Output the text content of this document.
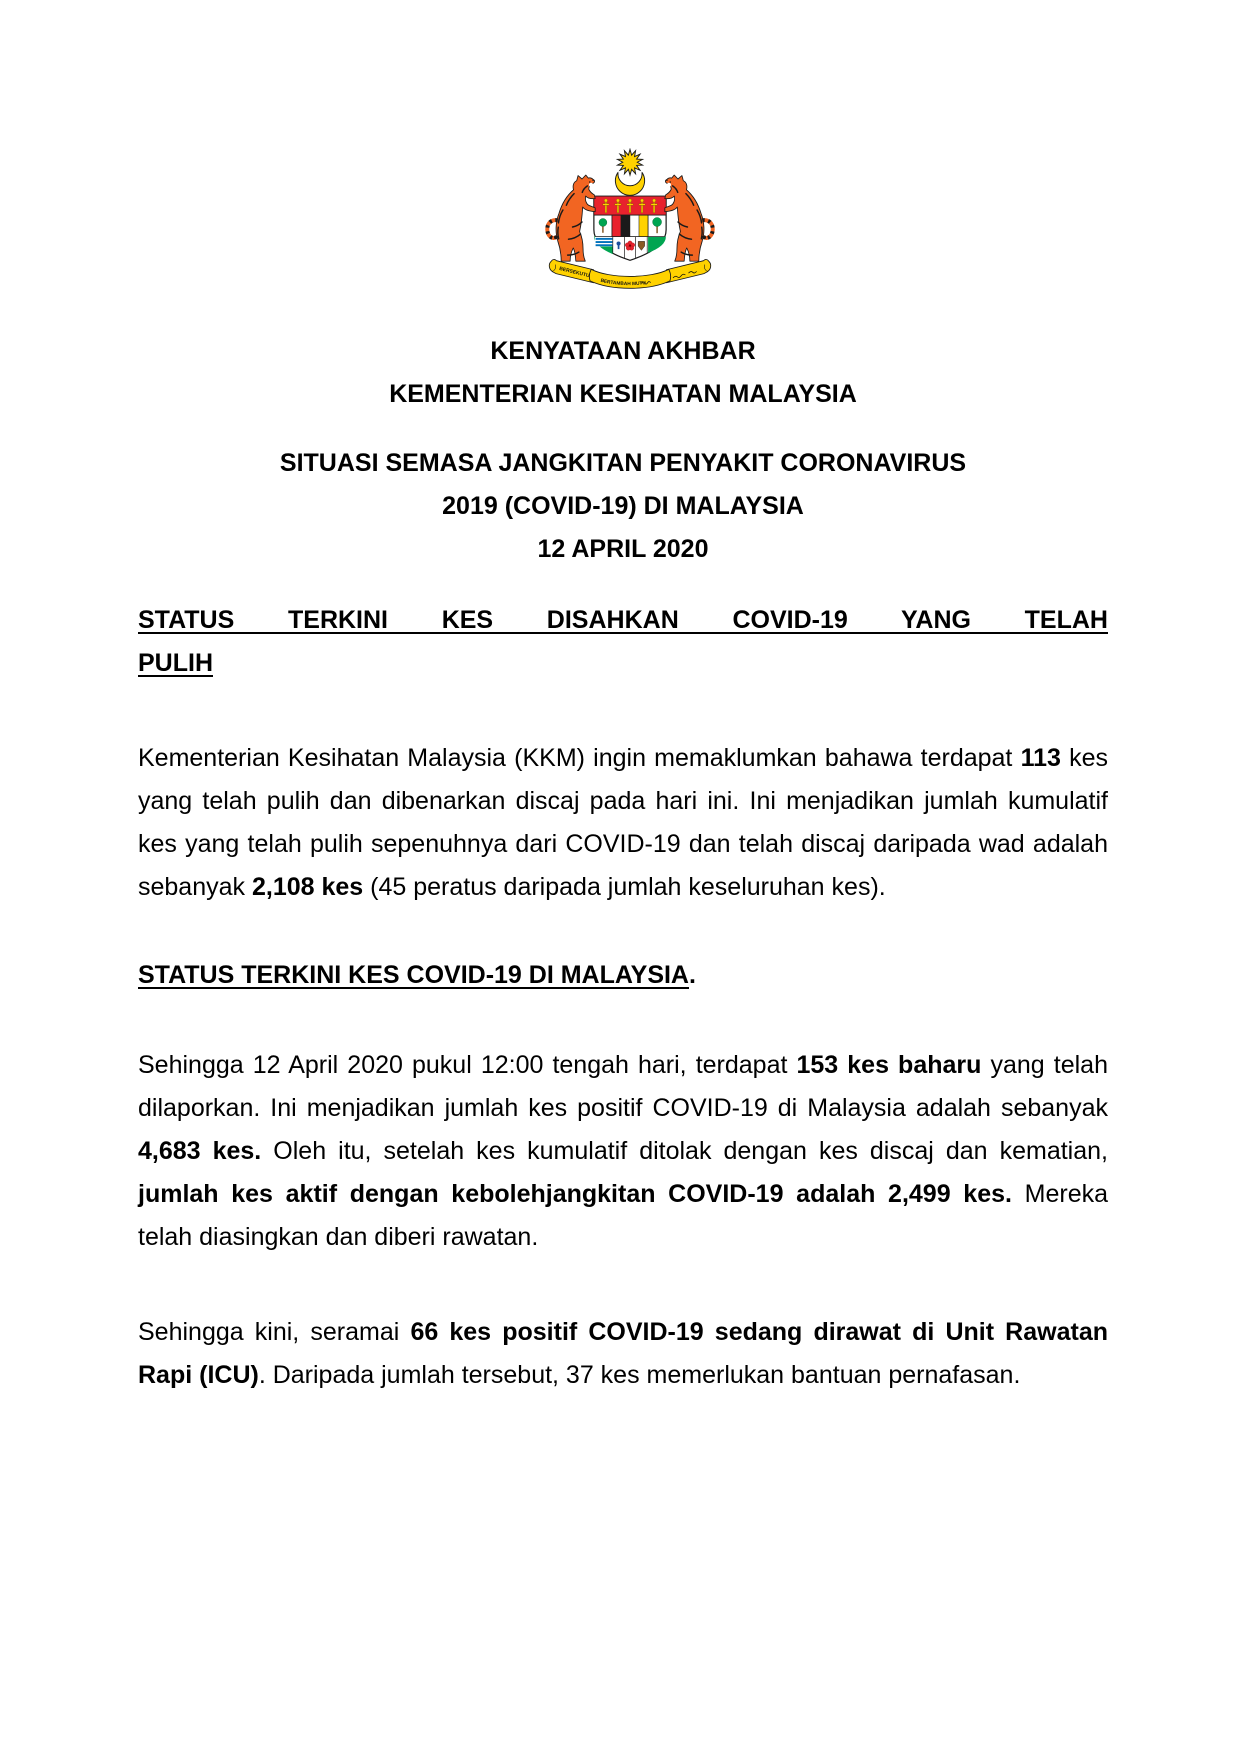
BERSEKUTU
BERTAMBAH MUTU
KENYATAAN AKHBAR
KEMENTERIAN KESIHATAN MALAYSIA
SITUASI SEMASA JANGKITAN PENYAKIT CORONAVIRUS
2019 (COVID-19) DI MALAYSIA
12 APRIL 2020
STATUS TERKINI KES DISAHKAN COVID-19 YANG TELAH
PULIH

Kementerian Kesihatan Malaysia (KKM) ingin memaklumkan bahawa terdapat 113 kes yang telah pulih dan dibenarkan discaj pada hari ini. Ini menjadikan jumlah kumulatif kes yang telah pulih sepenuhnya dari COVID-19 dan telah discaj daripada wad adalah sebanyak 2,108 kes (45 peratus daripada jumlah keseluruhan kes).

STATUS TERKINI KES COVID-19 DI MALAYSIA.

Sehingga 12 April 2020 pukul 12:00 tengah hari, terdapat 153 kes baharu yang telah dilaporkan. Ini menjadikan jumlah kes positif COVID-19 di Malaysia adalah sebanyak 4,683 kes. Oleh itu, setelah kes kumulatif ditolak dengan kes discaj dan kematian, jumlah kes aktif dengan kebolehjangkitan COVID-19 adalah 2,499 kes. Mereka telah diasingkan dan diberi rawatan.

Sehingga kini, seramai 66 kes positif COVID-19 sedang dirawat di Unit Rawatan Rapi (ICU). Daripada jumlah tersebut, 37 kes memerlukan bantuan pernafasan.
